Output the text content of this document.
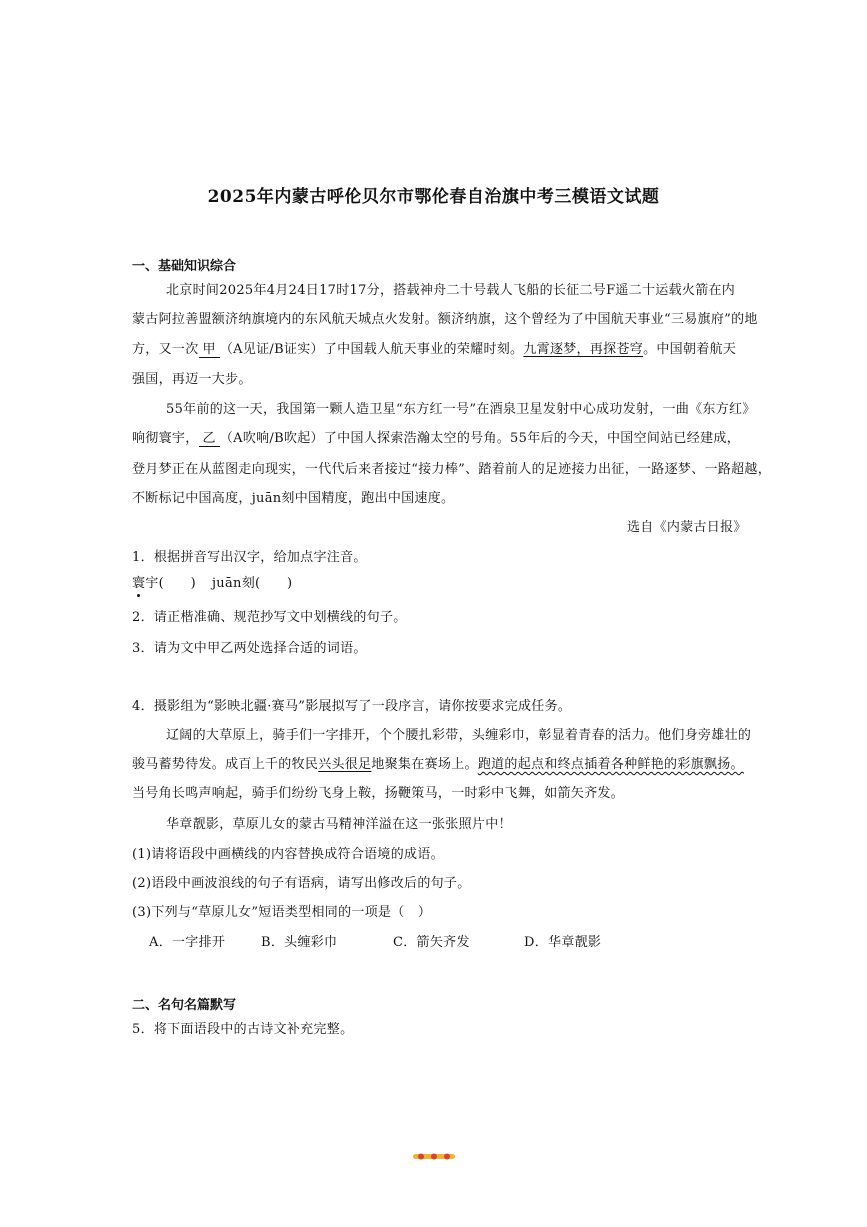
2025年内蒙古呼伦贝尔市鄂伦春自治旗中考三模语文试题
一、基础知识综合
北京时间2025年4月24日17时17分，搭载神舟二十号载人飞船的长征二号F遥二十运载火箭在内
蒙古阿拉善盟额济纳旗境内的东风航天城点火发射。额济纳旗，这个曾经为了中国航天事业“三易旗府”的地
方，又一次 甲 （A见证/B证实）了中国载人航天事业的荣耀时刻。九霄逐梦，再探苍穹。中国朝着航天
强国，再迈一大步。
55年前的这一天，我国第一颗人造卫星“东方红一号”在酒泉卫星发射中心成功发射，一曲《东方红》
响彻寰宇， 乙 （A吹响/B吹起）了中国人探索浩瀚太空的号角。55年后的今天，中国空间站已经建成，
登月梦正在从蓝图走向现实，一代代后来者接过“接力棒”、踏着前人的足迹接力出征，一路逐梦、一路超越，
不断标记中国高度，juān刻中国精度，跑出中国速度。
选自《内蒙古日报》
1．根据拼音写出汉字，给加点字注音。
寰宇(　　) juān刻(　　)
2．请正楷准确、规范抄写文中划横线的句子。
3．请为文中甲乙两处选择合适的词语。
4．摄影组为“影映北疆·赛马”影展拟写了一段序言，请你按要求完成任务。
辽阔的大草原上，骑手们一字排开，个个腰扎彩带，头缠彩巾，彰显着青春的活力。他们身旁雄壮的
骏马蓄势待发。成百上千的牧民兴头很足地聚集在赛场上。跑道的起点和终点插着各种鲜艳的彩旗飘扬。
当号角长鸣声响起，骑手们纷纷飞身上鞍，扬鞭策马，一时彩中飞舞，如箭矢齐发。
华章靓影，草原儿女的蒙古马精神洋溢在这一张张照片中！
(1)请将语段中画横线的内容替换成符合语境的成语。
(2)语段中画波浪线的句子有语病，请写出修改后的句子。
(3)下列与“草原儿女”短语类型相同的一项是（　）
A．一字排开	B．头缠彩巾	C．箭矢齐发	D．华章靓影
二、名句名篇默写
5．将下面语段中的古诗文补充完整。
